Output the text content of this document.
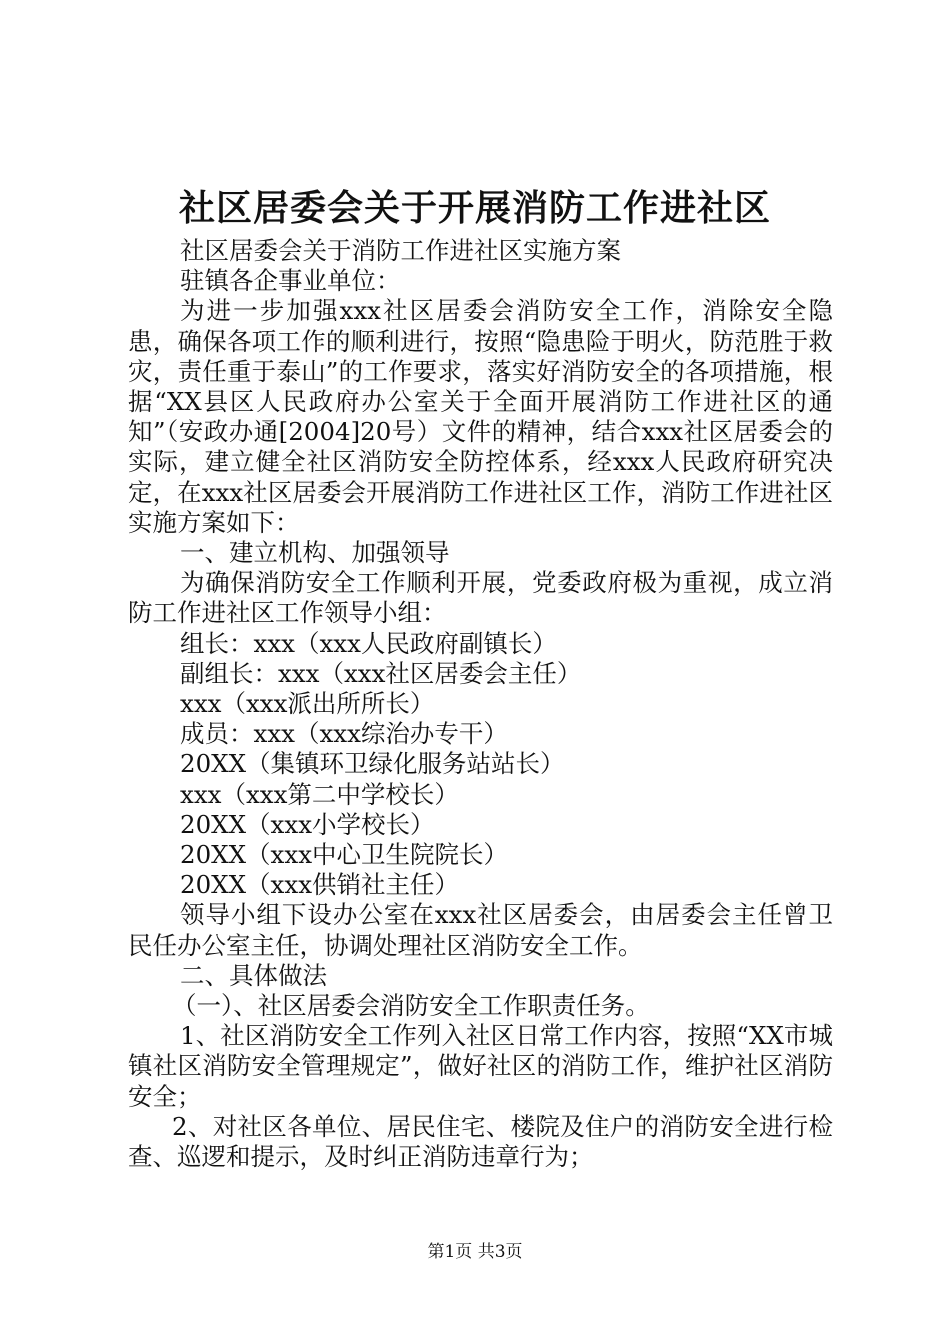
社区居委会关于开展消防工作进社区

社区居委会关于消防工作进社区实施方案

驻镇各企事业单位：

为进一步加强xxx社区居委会消防安全工作，消除安全隐患，确保各项工作的顺利进行，按照“隐患险于明火，防范胜于救灾，责任重于泰山”的工作要求，落实好消防安全的各项措施，根据“XX县区人民政府办公室关于全面开展消防工作进社区的通知”（安政办通[2004]20号）文件的精神，结合xxx社区居委会的实际，建立健全社区消防安全防控体系，经xxx人民政府研究决定，在xxx社区居委会开展消防工作进社区工作，消防工作进社区实施方案如下：

一、建立机构、加强领导

为确保消防安全工作顺利开展，党委政府极为重视，成立消防工作进社区工作领导小组：

组长：xxx（xxx人民政府副镇长）

副组长：xxx（xxx社区居委会主任）

xxx（xxx派出所所长）

成员：xxx（xxx综治办专干）

20XX（集镇环卫绿化服务站站长）

xxx（xxx第二中学校长）

20XX（xxx小学校长）

20XX（xxx中心卫生院院长）

20XX（xxx供销社主任）

领导小组下设办公室在xxx社区居委会，由居委会主任曾卫民任办公室主任，协调处理社区消防安全工作。

二、具体做法

（一）、社区居委会消防安全工作职责任务。

1、社区消防安全工作列入社区日常工作内容，按照“XX市城镇社区消防安全管理规定”，做好社区的消防工作，维护社区消防安全；

2、对社区各单位、居民住宅、楼院及住户的消防安全进行检查、巡逻和提示，及时纠正消防违章行为；

第1页 共3页
